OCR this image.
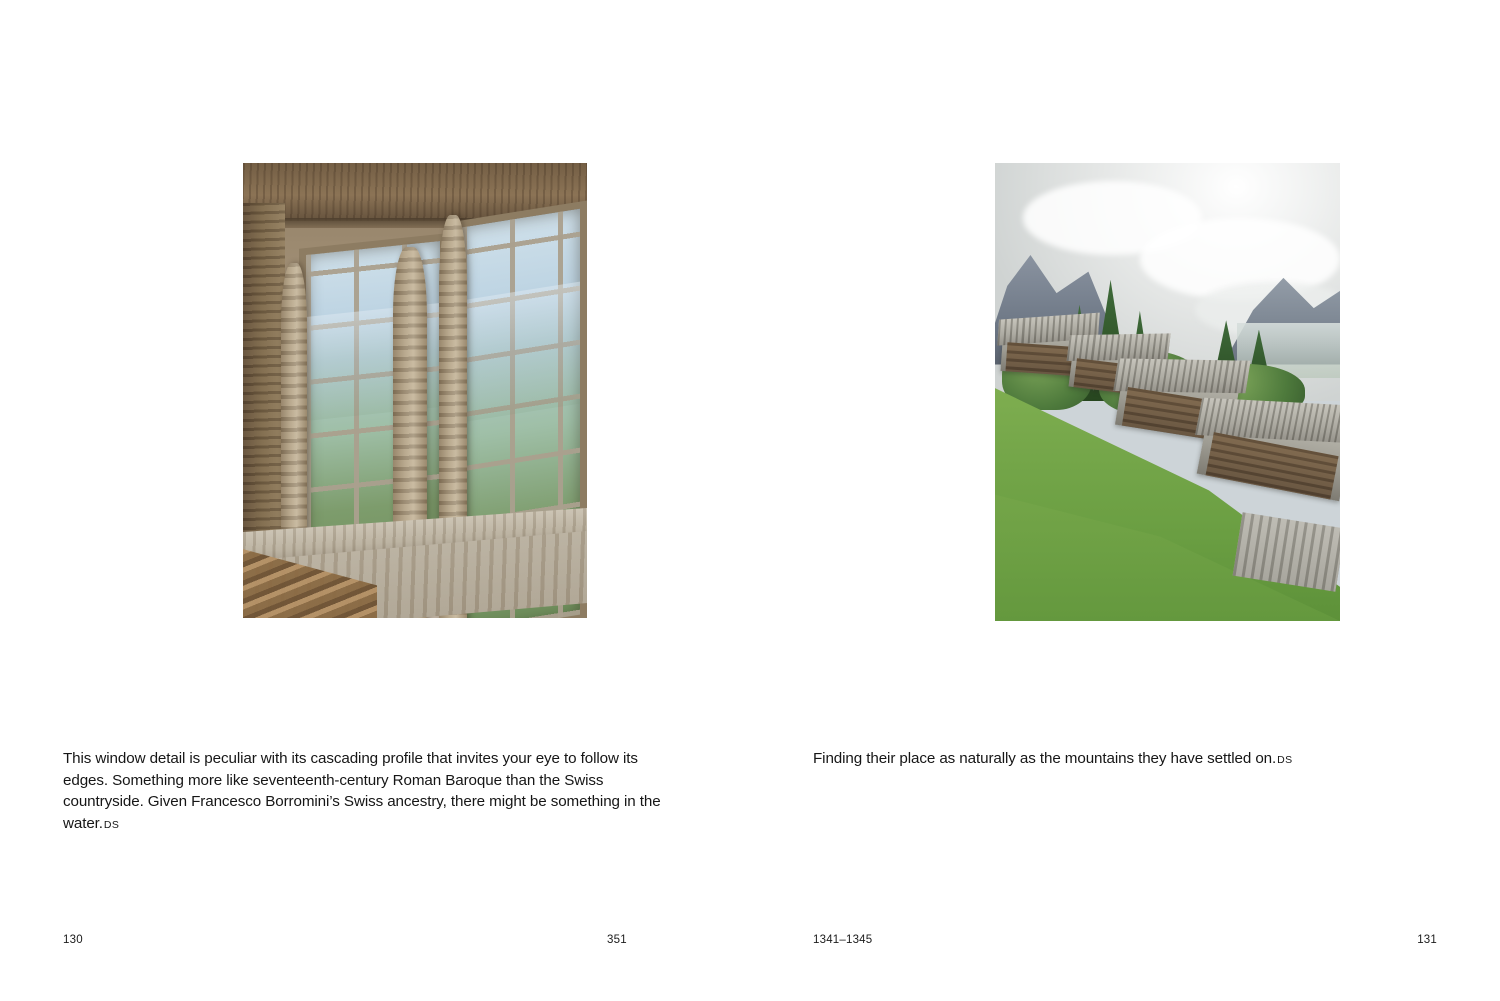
This window detail is peculiar with its cascading profile that invites your eye to follow its edges. Something more like seventeenth-century Roman Baroque than the Swiss countryside. Given Francesco Borromini’s Swiss ancestry, there might be something in the water.DS
130	351
Finding their place as naturally as the mountains they have settled on.DS
1341–1345	131
